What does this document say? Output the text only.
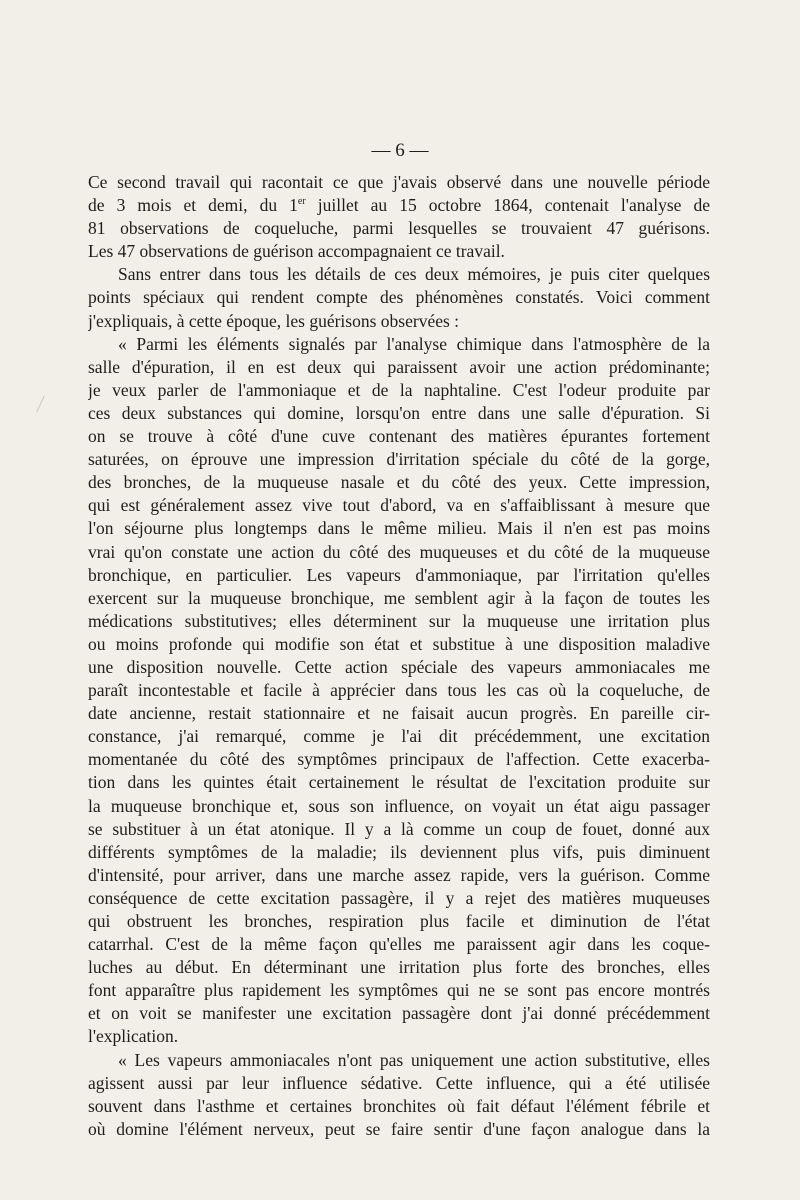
— 6 —
Ce second travail qui racontait ce que j'avais observé dans une nouvelle période
de 3 mois et demi, du 1er juillet au 15 octobre 1864, contenait l'analyse de
81 observations de coqueluche, parmi lesquelles se trouvaient 47 guérisons.
Les 47 observations de guérison accompagnaient ce travail.
Sans entrer dans tous les détails de ces deux mémoires, je puis citer quelques
points spéciaux qui rendent compte des phénomènes constatés. Voici comment
j'expliquais, à cette époque, les guérisons observées :
« Parmi les éléments signalés par l'analyse chimique dans l'atmosphère de la
salle d'épuration, il en est deux qui paraissent avoir une action prédominante;
je veux parler de l'ammoniaque et de la naphtaline. C'est l'odeur produite par
ces deux substances qui domine, lorsqu'on entre dans une salle d'épuration. Si
on se trouve à côté d'une cuve contenant des matières épurantes fortement
saturées, on éprouve une impression d'irritation spéciale du côté de la gorge,
des bronches, de la muqueuse nasale et du côté des yeux. Cette impression,
qui est généralement assez vive tout d'abord, va en s'affaiblissant à mesure que
l'on séjourne plus longtemps dans le même milieu. Mais il n'en est pas moins
vrai qu'on constate une action du côté des muqueuses et du côté de la muqueuse
bronchique, en particulier. Les vapeurs d'ammoniaque, par l'irritation qu'elles
exercent sur la muqueuse bronchique, me semblent agir à la façon de toutes les
médications substitutives; elles déterminent sur la muqueuse une irritation plus
ou moins profonde qui modifie son état et substitue à une disposition maladive
une disposition nouvelle. Cette action spéciale des vapeurs ammoniacales me
paraît incontestable et facile à apprécier dans tous les cas où la coqueluche, de
date ancienne, restait stationnaire et ne faisait aucun progrès. En pareille cir-
constance, j'ai remarqué, comme je l'ai dit précédemment, une excitation
momentanée du côté des symptômes principaux de l'affection. Cette exacerba-
tion dans les quintes était certainement le résultat de l'excitation produite sur
la muqueuse bronchique et, sous son influence, on voyait un état aigu passager
se substituer à un état atonique. Il y a là comme un coup de fouet, donné aux
différents symptômes de la maladie; ils deviennent plus vifs, puis diminuent
d'intensité, pour arriver, dans une marche assez rapide, vers la guérison. Comme
conséquence de cette excitation passagère, il y a rejet des matières muqueuses
qui obstruent les bronches, respiration plus facile et diminution de l'état
catarrhal. C'est de la même façon qu'elles me paraissent agir dans les coque-
luches au début. En déterminant une irritation plus forte des bronches, elles
font apparaître plus rapidement les symptômes qui ne se sont pas encore montrés
et on voit se manifester une excitation passagère dont j'ai donné précédemment
l'explication.
« Les vapeurs ammoniacales n'ont pas uniquement une action substitutive, elles
agissent aussi par leur influence sédative. Cette influence, qui a été utilisée
souvent dans l'asthme et certaines bronchites où fait défaut l'élément fébrile et
où domine l'élément nerveux, peut se faire sentir d'une façon analogue dans la
